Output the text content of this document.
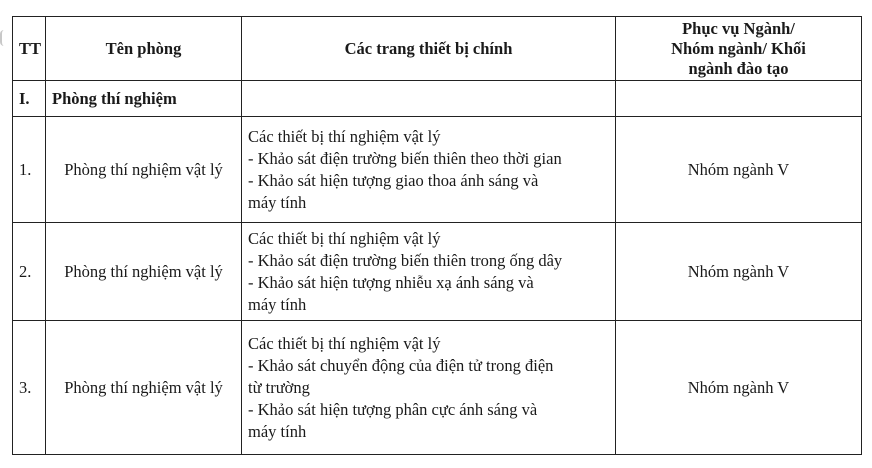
TT	Tên phòng	Các trang thiết bị chính	Phục vụ Ngành/
Nhóm ngành/ Khối
ngành đào tạo

I.	Phòng thí nghiệm		
1.	Phòng thí nghiệm vật lý	Các thiết bị thí nghiệm vật lý
- Khảo sát điện trường biến thiên theo thời gian
- Khảo sát hiện tượng giao thoa ánh sáng và
máy tính	Nhóm ngành V
2.	Phòng thí nghiệm vật lý	Các thiết bị thí nghiệm vật lý
- Khảo sát điện trường biến thiên trong ống dây
- Khảo sát hiện tượng nhiễu xạ ánh sáng và
máy tính	Nhóm ngành V
3.	Phòng thí nghiệm vật lý	Các thiết bị thí nghiệm vật lý
- Khảo sát chuyển động của điện tử trong điện
từ trường
- Khảo sát hiện tượng phân cực ánh sáng và
máy tính	Nhóm ngành V
